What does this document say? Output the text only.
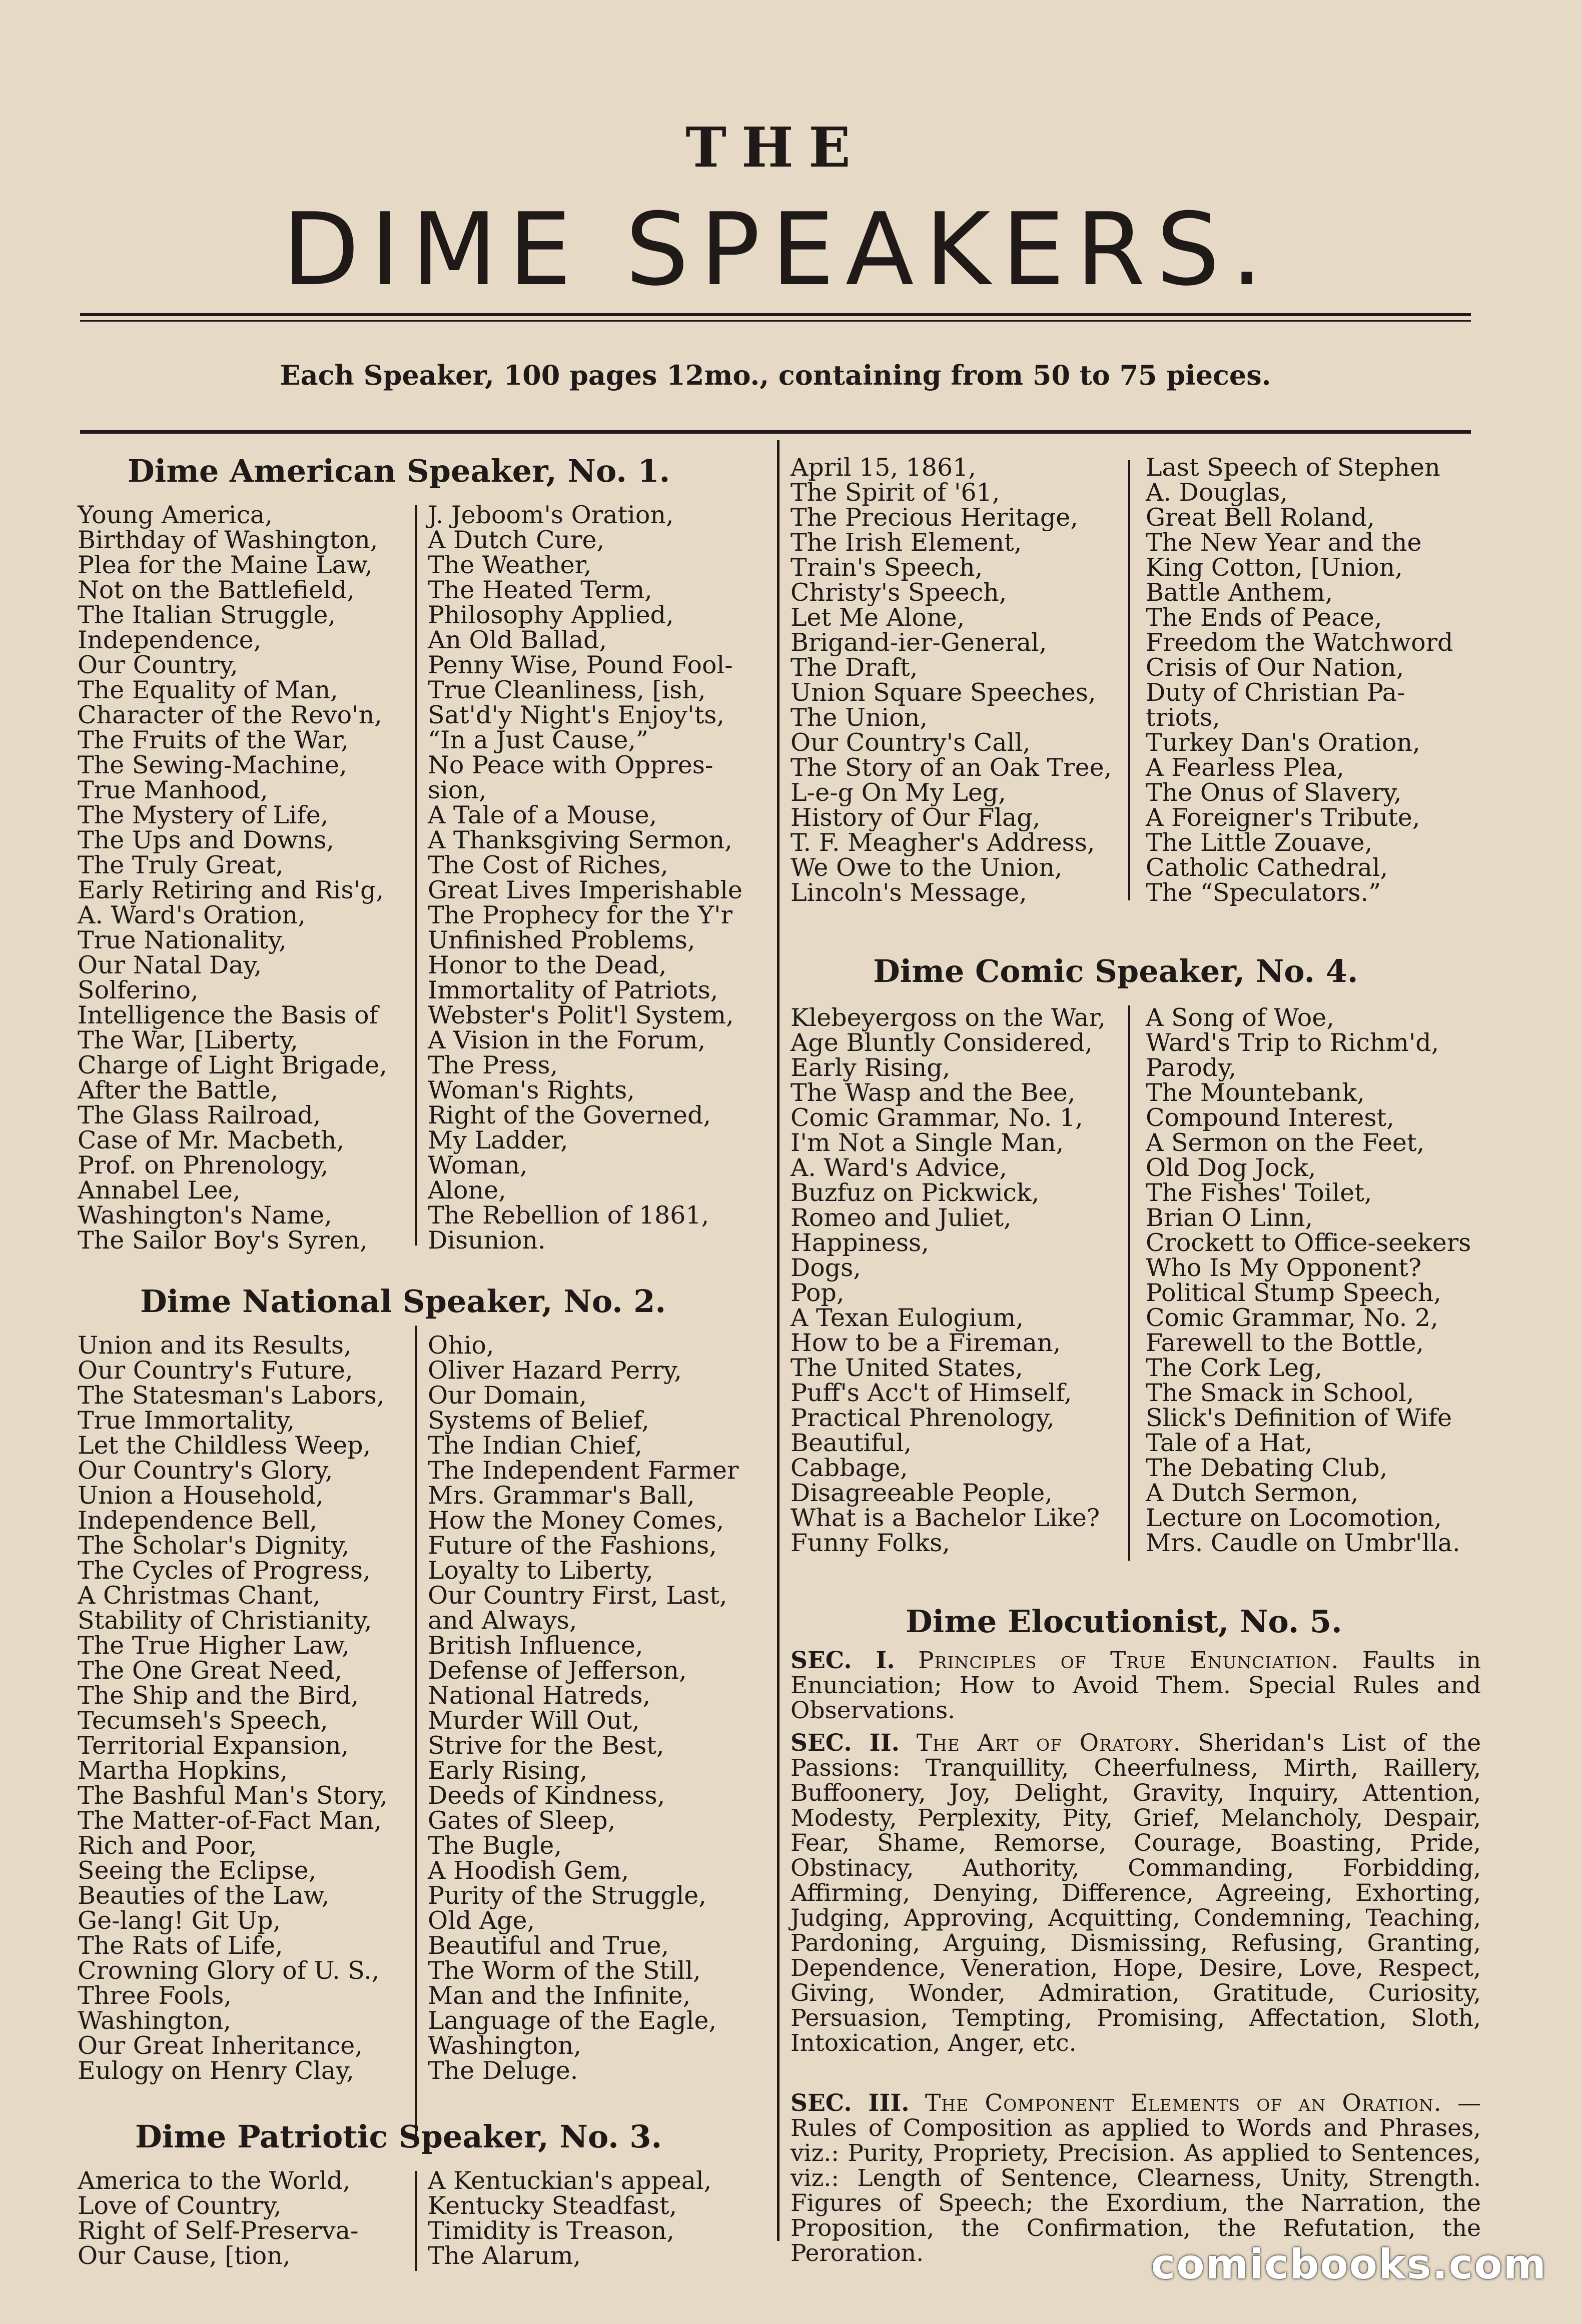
THE
DIME SPEAKERS.
Each Speaker, 100 pages 12mo., containing from 50 to 75 pieces.
Dime American Speaker, No. 1.
Young America,
Birthday of Washington,
Plea for the Maine Law,
Not on the Battlefield,
The Italian Struggle,
Independence,
Our Country,
The Equality of Man,
Character of the Revo'n,
The Fruits of the War,
The Sewing-Machine,
True Manhood,
The Mystery of Life,
The Ups and Downs,
The Truly Great,
Early Retiring and Ris'g,
A. Ward's Oration,
True Nationality,
Our Natal Day,
Solferino,
Intelligence the Basis of
The War, [Liberty,
Charge of Light Brigade,
After the Battle,
The Glass Railroad,
Case of Mr. Macbeth,
Prof. on Phrenology,
Annabel Lee,
Washington's Name,
The Sailor Boy's Syren,
J. Jeboom's Oration,
A Dutch Cure,
The Weather,
The Heated Term,
Philosophy Applied,
An Old Ballad,
Penny Wise, Pound Fool-
True Cleanliness, [ish,
Sat'd'y Night's Enjoy'ts,
“In a Just Cause,”
No Peace with Oppres-
sion,
A Tale of a Mouse,
A Thanksgiving Sermon,
The Cost of Riches,
Great Lives Imperishable
The Prophecy for the Y'r
Unfinished Problems,
Honor to the Dead,
Immortality of Patriots,
Webster's Polit'l System,
A Vision in the Forum,
The Press,
Woman's Rights,
Right of the Governed,
My Ladder,
Woman,
Alone,
The Rebellion of 1861,
Disunion.
Dime National Speaker, No. 2.
Union and its Results,
Our Country's Future,
The Statesman's Labors,
True Immortality,
Let the Childless Weep,
Our Country's Glory,
Union a Household,
Independence Bell,
The Scholar's Dignity,
The Cycles of Progress,
A Christmas Chant,
Stability of Christianity,
The True Higher Law,
The One Great Need,
The Ship and the Bird,
Tecumseh's Speech,
Territorial Expansion,
Martha Hopkins,
The Bashful Man's Story,
The Matter-of-Fact Man,
Rich and Poor,
Seeing the Eclipse,
Beauties of the Law,
Ge-lang! Git Up,
The Rats of Life,
Crowning Glory of U. S.,
Three Fools,
Washington,
Our Great Inheritance,
Eulogy on Henry Clay,
Ohio,
Oliver Hazard Perry,
Our Domain,
Systems of Belief,
The Indian Chief,
The Independent Farmer
Mrs. Grammar's Ball,
How the Money Comes,
Future of the Fashions,
Loyalty to Liberty,
Our Country First, Last,
and Always,
British Influence,
Defense of Jefferson,
National Hatreds,
Murder Will Out,
Strive for the Best,
Early Rising,
Deeds of Kindness,
Gates of Sleep,
The Bugle,
A Hoodish Gem,
Purity of the Struggle,
Old Age,
Beautiful and True,
The Worm of the Still,
Man and the Infinite,
Language of the Eagle,
Washington,
The Deluge.
Dime Patriotic Speaker, No. 3.
America to the World,
Love of Country,
Right of Self-Preserva-
Our Cause, [tion,
A Kentuckian's appeal,
Kentucky Steadfast,
Timidity is Treason,
The Alarum,
April 15, 1861,
The Spirit of '61,
The Precious Heritage,
The Irish Element,
Train's Speech,
Christy's Speech,
Let Me Alone,
Brigand-ier-General,
The Draft,
Union Square Speeches,
The Union,
Our Country's Call,
The Story of an Oak Tree,
L-e-g On My Leg,
History of Our Flag,
T. F. Meagher's Address,
We Owe to the Union,
Lincoln's Message,
Last Speech of Stephen
A. Douglas,
Great Bell Roland,
The New Year and the
King Cotton, [Union,
Battle Anthem,
The Ends of Peace,
Freedom the Watchword
Crisis of Our Nation,
Duty of Christian Pa-
triots,
Turkey Dan's Oration,
A Fearless Plea,
The Onus of Slavery,
A Foreigner's Tribute,
The Little Zouave,
Catholic Cathedral,
The “Speculators.”
Dime Comic Speaker, No. 4.
Klebeyergoss on the War,
Age Bluntly Considered,
Early Rising,
The Wasp and the Bee,
Comic Grammar, No. 1,
I'm Not a Single Man,
A. Ward's Advice,
Buzfuz on Pickwick,
Romeo and Juliet,
Happiness,
Dogs,
Pop,
A Texan Eulogium,
How to be a Fireman,
The United States,
Puff's Acc't of Himself,
Practical Phrenology,
Beautiful,
Cabbage,
Disagreeable People,
What is a Bachelor Like?
Funny Folks,
A Song of Woe,
Ward's Trip to Richm'd,
Parody,
The Mountebank,
Compound Interest,
A Sermon on the Feet,
Old Dog Jock,
The Fishes' Toilet,
Brian O Linn,
Crockett to Office-seekers
Who Is My Opponent?
Political Stump Speech,
Comic Grammar, No. 2,
Farewell to the Bottle,
The Cork Leg,
The Smack in School,
Slick's Definition of Wife
Tale of a Hat,
The Debating Club,
A Dutch Sermon,
Lecture on Locomotion,
Mrs. Caudle on Umbr'lla.
Dime Elocutionist, No. 5.
SEC. I. Principles of True Enunciation. Faults in Enunciation; How to Avoid Them. Special Rules and Observations.
SEC. II. The Art of Oratory. Sheridan's List of the Passions: Tranquillity, Cheerfulness, Mirth, Raillery, Buffoonery, Joy, Delight, Gravity, Inquiry, Attention, Modesty, Perplexity, Pity, Grief, Melancholy, Despair, Fear, Shame, Remorse, Courage, Boasting, Pride, Obstinacy, Authority, Commanding, Forbidding, Affirming, Denying, Difference, Agreeing, Exhorting, Judging, Approving, Acquitting, Condemning, Teaching, Pardoning, Arguing, Dismissing, Refusing, Granting, Dependence, Veneration, Hope, Desire, Love, Respect, Giving, Wonder, Admiration, Gratitude, Curiosity, Persuasion, Tempting, Promising, Affectation, Sloth, Intoxication, Anger, etc.
SEC. III. The Component Elements of an Oration. —Rules of Composition as applied to Words and Phrases, viz.: Purity, Propriety, Precision. As applied to Sentences, viz.: Length of Sentence, Clearness, Unity, Strength. Figures of Speech; the Exordium, the Narration, the Proposition, the Confirmation, the Refutation, the Peroration.	comicbooks.com
